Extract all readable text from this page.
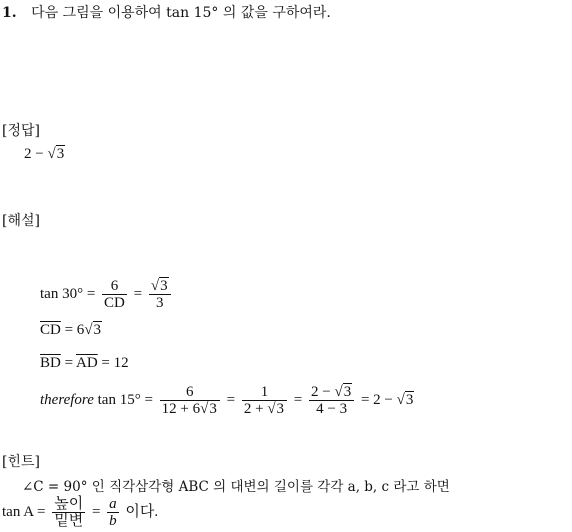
1. 다음 그림을 이용하여 tan 15° 의 값을 구하여라.
[정답]
2 − √3
[해설]
$\tan 30^\circ = \frac{6}{CD} = \frac{√3}{3}$
$\overline{CD} = 6√3$
$\overline{BD} = \overline{AD} = 12$
therefore $\tan 15^\circ = \frac{6}{12 + 6√3} = \frac{1}{2 + √3} = \frac{2 - √3}{4 - 3} = 2 - √3$
[힌트]
∠C = 90° 인 직각삼각형 ABC 의 대변의 길이를 각각 a, b, c 라고 하면
$\tan A = \frac{\text{높이}}{\text{밑변}} = \frac{a}{b}$ 이다.
